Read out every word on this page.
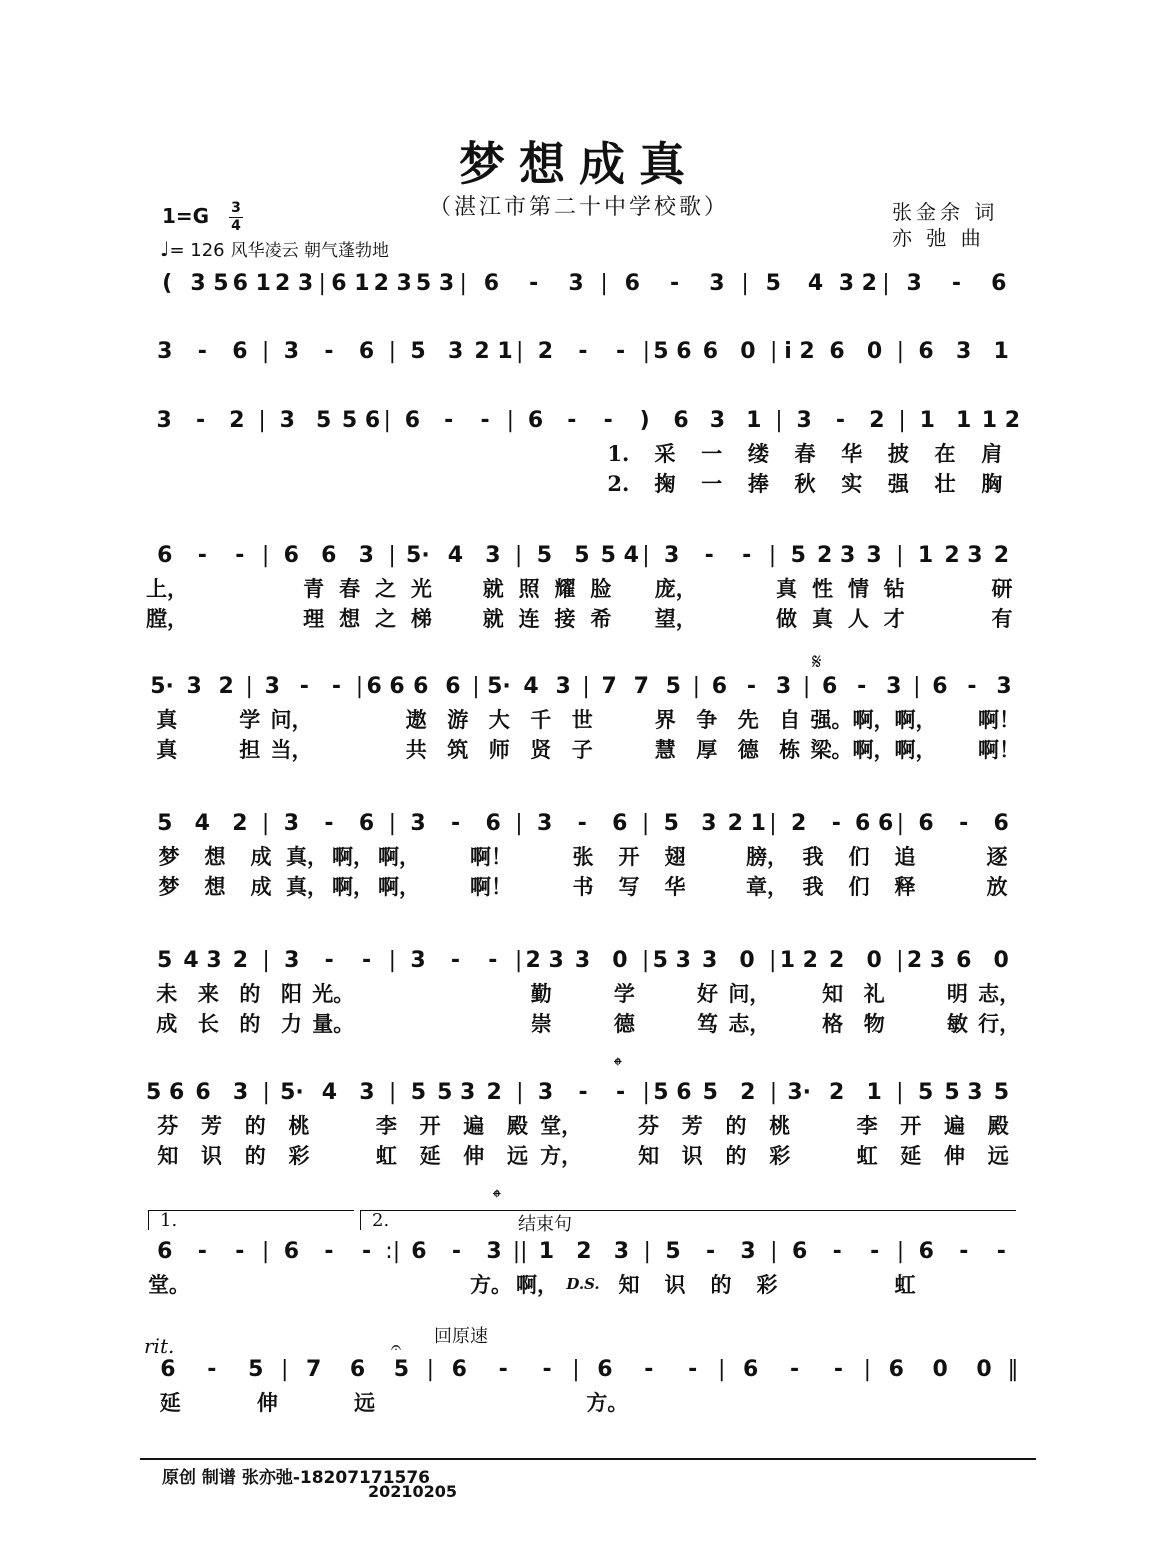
梦想成真
（湛江市第二十中学校歌）	张金余 词
亦 弛 曲
1=G 3
4
♩= 126 风华凌云 朝气蓬勃地
( 3 5 6 1 2 3 | 6 1 2 3 5 3 | 6	-	3 | 6	-	3 | 5	4 3 2 | 3	-	6
3	-	6 | 3	-	6 | 5	3 2 1 | 2	-	- | 5 6 6	0 | i 2 6	0 | 6	3	1
3	-	2 | 3 5 5 6 | 6	-	- | 6	-	-	)	6 3 1 | 3	-	2 | 1 1 1 2
1.	采	一	缕	春	华	披	在	肩
2.	掬	一	捧	秋	实	强	壮	胸
6	-	- | 6	6	3 | 5· 4	3 | 5	5 5 4 | 3	-	- | 5 2 3 3 | 1 2 3 2
上，	青 春 之 光	就 照 耀 脸	庞，	真 性 情 钻	研
膛，	理 想 之 梯	就 连 接 希	望，	做 真 人 才	有
5· 3 2 | 3 -	- | 6 6 6 6 | 5· 4 3 | 7 7 5 | 6 - 3 | 6 - 3 | 6 - 3
真	学 问，	遨 游 大 千 世	界 争 先 自 强。 啊， 啊， 啊！
真	担 当，	共 筑 师 贤 子	慧 厚 德 栋 梁。 啊， 啊， 啊！
5	4	2 | 3	-	6 | 3	-	6 | 3	-	6 | 5	3 2 1 | 2	- 6 6 | 6	-	6
梦	想	成 真， 啊， 啊， 啊！	张	开	翅	膀， 我	们	追	逐
梦	想	成 真， 啊， 啊， 啊！	书	写	华	章， 我	们	释	放
5 4 3 2 | 3	-	- | 3	-	- | 2 3 3	0 | 5 3 3	0 | 1 2 2	0 | 2 3 6	0
未 来 的 阳 光。	勤	学	好 问，	知 礼	明 志，
成 长 的 力 量。	崇	德	笃 志，	格 物	敏 行，
5 6 6	3 | 5· 4	3 | 5 5 3 2 | 3	-	- | 5 6 5	2 | 3· 2	1 | 5 5 3 5
芬	芳	的	桃	李	开	遍	殿 堂，	芬	芳	的	桃	李	开	遍	殿
知	识	的	彩	虹	延	伸	远 方，	知	识	的	彩	虹	延	伸	远
6	-	- | 6	-	- :| 6	-	3 || 1	2	3 | 5	-	3 | 6	-	- | 6	-	-
堂。	方。 啊， D.S. 知	识	的	彩	虹
6	-	5 | 7	6	5 | 6	-	- | 6	-	- | 6	-	- | 6	0	0 ‖
延	伸	远	方。
𝄋
𝄌
𝄌
1.	2.	结束句
rit.	回原速
𝄐
原创 制谱 张亦弛-18207171576
20210205
